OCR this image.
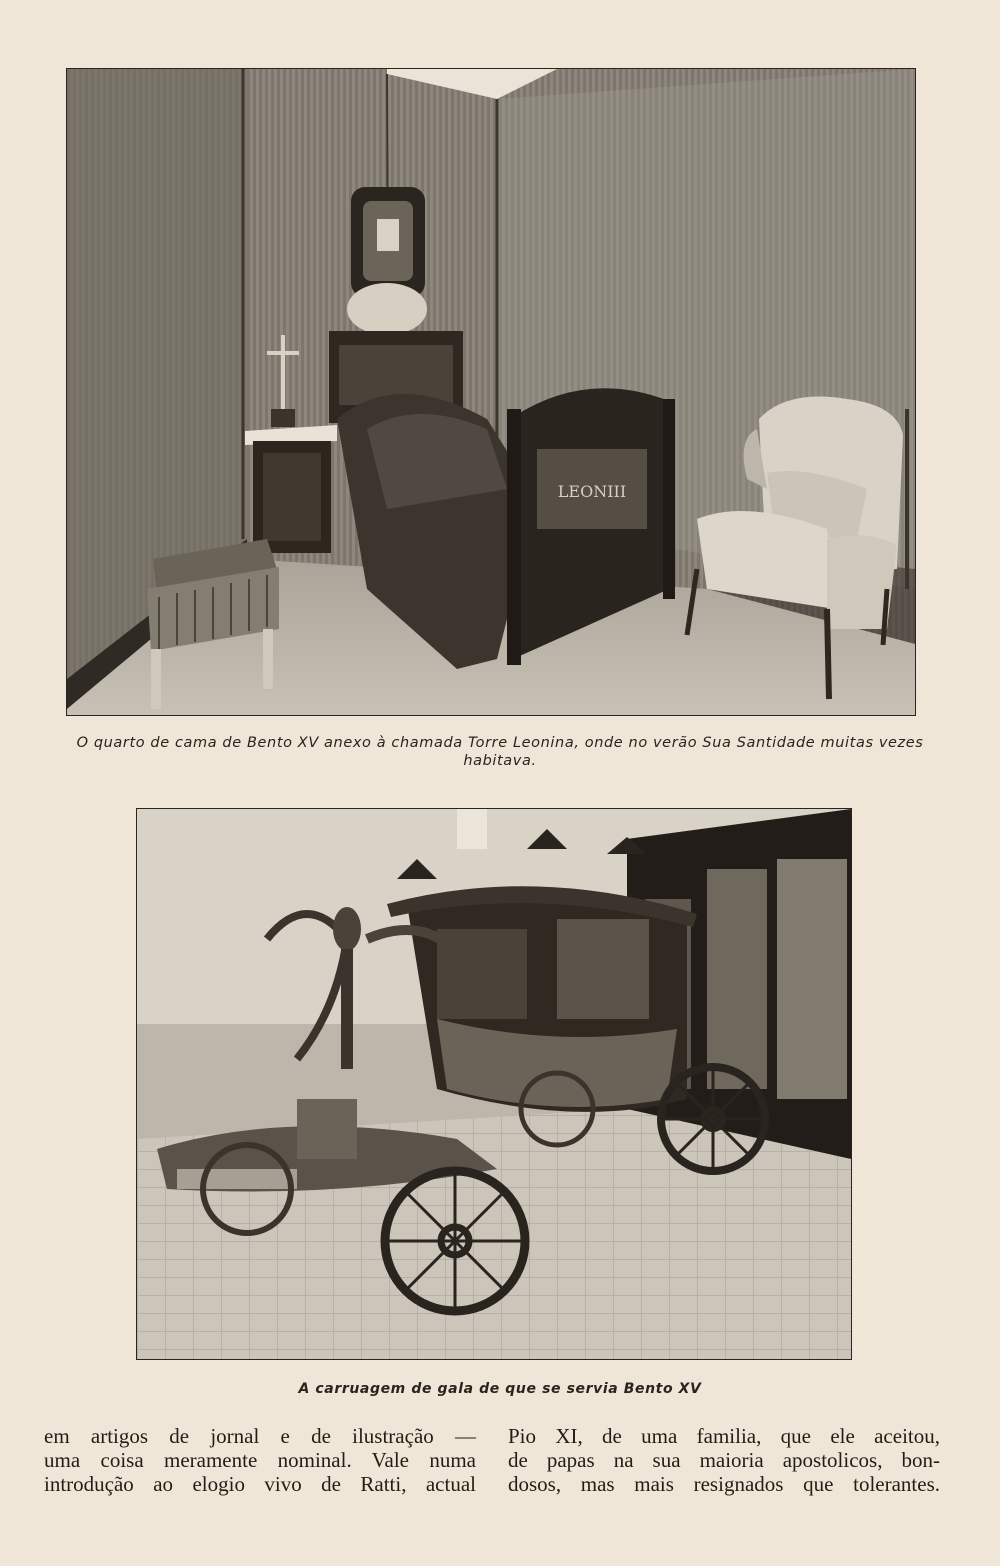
LEONIII
O quarto de cama de Bento XV anexo à chamada Torre Leonina, onde no verão Sua Santidade muitas vezes
habitava.
A carruagem de gala de que se servia Bento XV

em artigos de jornal e de ilustração —

uma coisa meramente nominal. Vale numa

introdução ao elogio vivo de Ratti, actual

Pio XI, de uma familia, que ele aceitou,

de papas na sua maioria apostolicos, bon-

dosos, mas mais resignados que tolerantes.
